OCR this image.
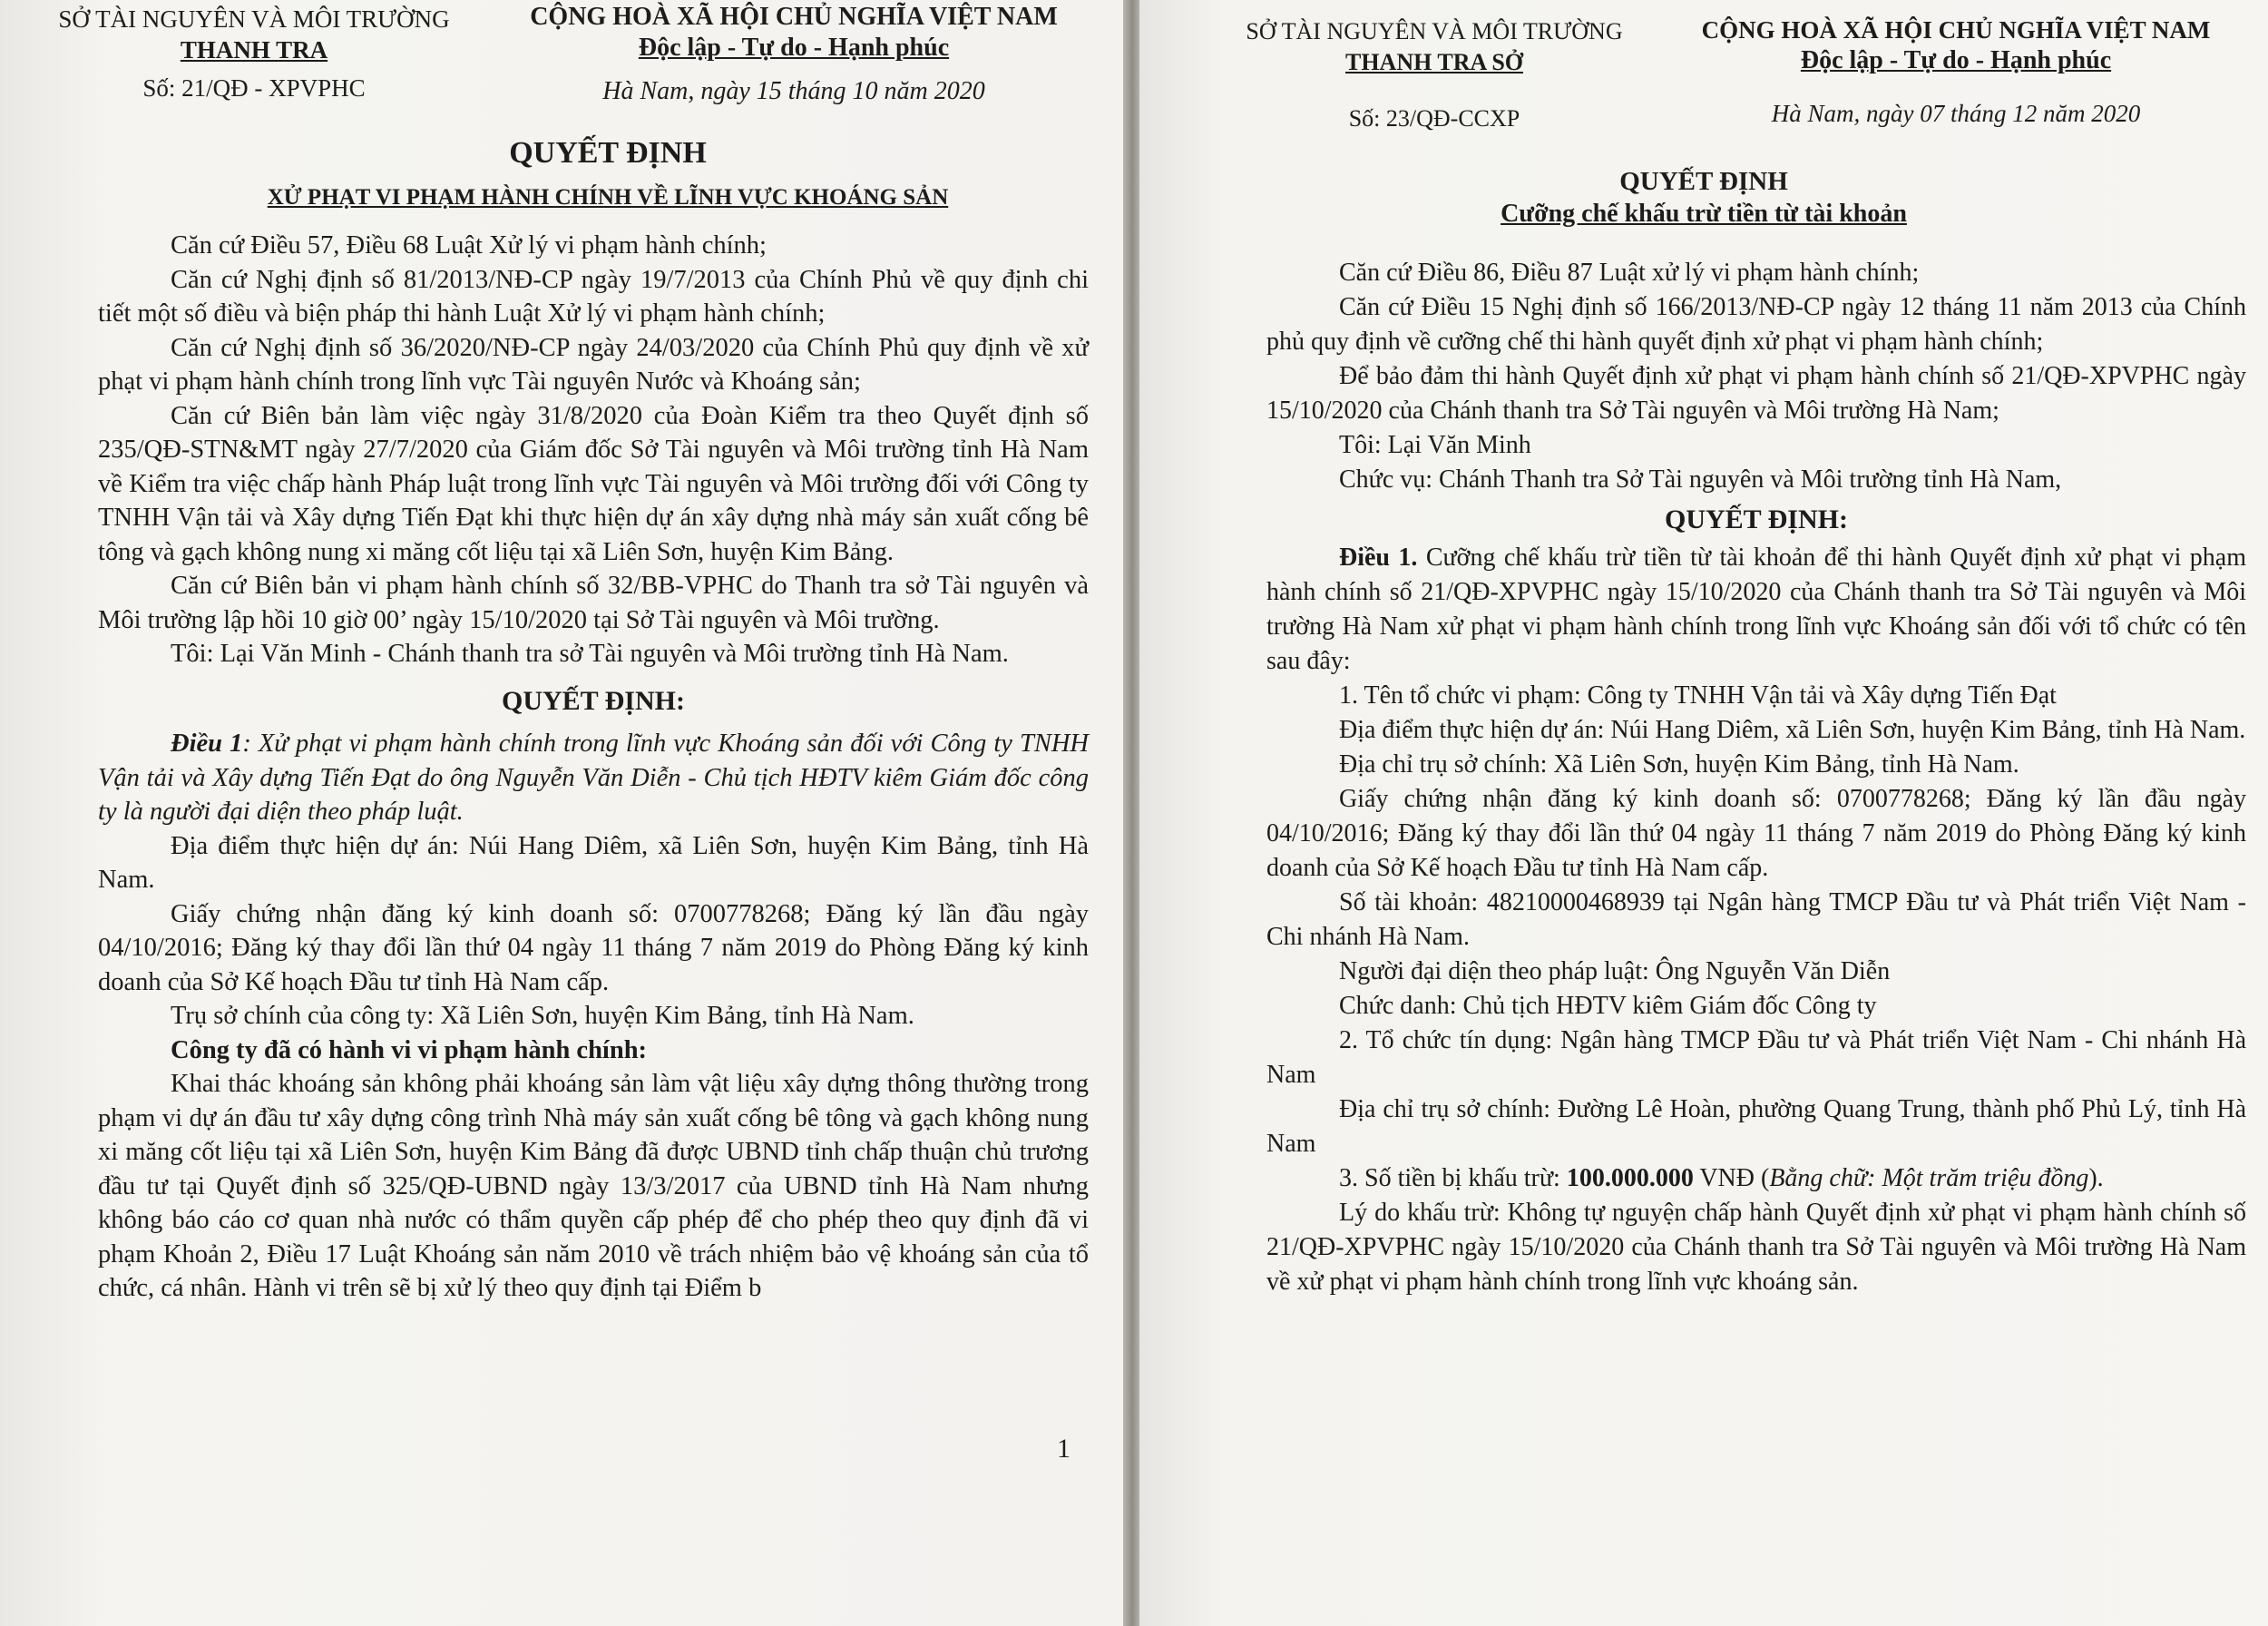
SỞ TÀI NGUYÊN VÀ MÔI TRƯỜNG
THANH TRA
Số: 21/QĐ - XPVPHC
CỘNG HOÀ XÃ HỘI CHỦ NGHĨA VIỆT NAM
Độc lập - Tự do - Hạnh phúc
Hà Nam, ngày 15 tháng 10 năm 2020
QUYẾT ĐỊNH
XỬ PHẠT VI PHẠM HÀNH CHÍNH VỀ LĨNH VỰC KHOÁNG SẢN

Căn cứ Điều 57, Điều 68 Luật Xử lý vi phạm hành chính;

Căn cứ Nghị định số 81/2013/NĐ-CP ngày 19/7/2013 của Chính Phủ về quy định chi tiết một số điều và biện pháp thi hành Luật Xử lý vi phạm hành chính;

Căn cứ Nghị định số 36/2020/NĐ-CP ngày 24/03/2020 của Chính Phủ quy định về xử phạt vi phạm hành chính trong lĩnh vực Tài nguyên Nước và Khoáng sản;

Căn cứ Biên bản làm việc ngày 31/8/2020 của Đoàn Kiểm tra theo Quyết định số 235/QĐ-STN&MT ngày 27/7/2020 của Giám đốc Sở Tài nguyên và Môi trường tỉnh Hà Nam về Kiểm tra việc chấp hành Pháp luật trong lĩnh vực Tài nguyên và Môi trường đối với Công ty TNHH Vận tải và Xây dựng Tiến Đạt khi thực hiện dự án xây dựng nhà máy sản xuất cống bê tông và gạch không nung xi măng cốt liệu tại xã Liên Sơn, huyện Kim Bảng.

Căn cứ Biên bản vi phạm hành chính số 32/BB-VPHC do Thanh tra sở Tài nguyên và Môi trường lập hồi 10 giờ 00’ ngày 15/10/2020 tại Sở Tài nguyên và Môi trường.

Tôi: Lại Văn Minh - Chánh thanh tra sở Tài nguyên và Môi trường tỉnh Hà Nam.

QUYẾT ĐỊNH:

Điều 1: Xử phạt vi phạm hành chính trong lĩnh vực Khoáng sản đối với Công ty TNHH Vận tải và Xây dựng Tiến Đạt do ông Nguyễn Văn Diễn - Chủ tịch HĐTV kiêm Giám đốc công ty là người đại diện theo pháp luật.

Địa điểm thực hiện dự án: Núi Hang Diêm, xã Liên Sơn, huyện Kim Bảng, tỉnh Hà Nam.

Giấy chứng nhận đăng ký kinh doanh số: 0700778268; Đăng ký lần đầu ngày 04/10/2016; Đăng ký thay đổi lần thứ 04 ngày 11 tháng 7 năm 2019 do Phòng Đăng ký kinh doanh của Sở Kế hoạch Đầu tư tỉnh Hà Nam cấp.

Trụ sở chính của công ty: Xã Liên Sơn, huyện Kim Bảng, tỉnh Hà Nam.

Công ty đã có hành vi vi phạm hành chính:

Khai thác khoáng sản không phải khoáng sản làm vật liệu xây dựng thông thường trong phạm vi dự án đầu tư xây dựng công trình Nhà máy sản xuất cống bê tông và gạch không nung xi măng cốt liệu tại xã Liên Sơn, huyện Kim Bảng đã được UBND tỉnh chấp thuận chủ trương đầu tư tại Quyết định số 325/QĐ-UBND ngày 13/3/2017 của UBND tỉnh Hà Nam nhưng không báo cáo cơ quan nhà nước có thẩm quyền cấp phép để cho phép theo quy định đã vi phạm Khoản 2, Điều 17 Luật Khoáng sản năm 2010 về trách nhiệm bảo vệ khoáng sản của tổ chức, cá nhân. Hành vi trên sẽ bị xử lý theo quy định tại Điểm b

1
SỞ TÀI NGUYÊN VÀ MÔI TRƯỜNG
THANH TRA SỞ
Số: 23/QĐ-CCXP
CỘNG HOÀ XÃ HỘI CHỦ NGHĨA VIỆT NAM
Độc lập - Tự do - Hạnh phúc
Hà Nam, ngày 07 tháng 12 năm 2020
QUYẾT ĐỊNH
Cưỡng chế khấu trừ tiền từ tài khoản

Căn cứ Điều 86, Điều 87 Luật xử lý vi phạm hành chính;

Căn cứ Điều 15 Nghị định số 166/2013/NĐ-CP ngày 12 tháng 11 năm 2013 của Chính phủ quy định về cưỡng chế thi hành quyết định xử phạt vi phạm hành chính;

Để bảo đảm thi hành Quyết định xử phạt vi phạm hành chính số 21/QĐ-XPVPHC ngày 15/10/2020 của Chánh thanh tra Sở Tài nguyên và Môi trường Hà Nam;

Tôi: Lại Văn Minh

Chức vụ: Chánh Thanh tra Sở Tài nguyên và Môi trường tỉnh Hà Nam,

QUYẾT ĐỊNH:

Điều 1. Cưỡng chế khấu trừ tiền từ tài khoản để thi hành Quyết định xử phạt vi phạm hành chính số 21/QĐ-XPVPHC ngày 15/10/2020 của Chánh thanh tra Sở Tài nguyên và Môi trường Hà Nam xử phạt vi phạm hành chính trong lĩnh vực Khoáng sản đối với tổ chức có tên sau đây:

1. Tên tổ chức vi phạm: Công ty TNHH Vận tải và Xây dựng Tiến Đạt

Địa điểm thực hiện dự án: Núi Hang Diêm, xã Liên Sơn, huyện Kim Bảng, tỉnh Hà Nam.

Địa chỉ trụ sở chính: Xã Liên Sơn, huyện Kim Bảng, tỉnh Hà Nam.

Giấy chứng nhận đăng ký kinh doanh số: 0700778268; Đăng ký lần đầu ngày 04/10/2016; Đăng ký thay đổi lần thứ 04 ngày 11 tháng 7 năm 2019 do Phòng Đăng ký kinh doanh của Sở Kế hoạch Đầu tư tỉnh Hà Nam cấp.

Số tài khoản: 48210000468939 tại Ngân hàng TMCP Đầu tư và Phát triển Việt Nam - Chi nhánh Hà Nam.

Người đại diện theo pháp luật: Ông Nguyễn Văn Diễn

Chức danh: Chủ tịch HĐTV kiêm Giám đốc Công ty

2. Tổ chức tín dụng: Ngân hàng TMCP Đầu tư và Phát triển Việt Nam - Chi nhánh Hà Nam

Địa chỉ trụ sở chính: Đường Lê Hoàn, phường Quang Trung, thành phố Phủ Lý, tỉnh Hà Nam

3. Số tiền bị khấu trừ: 100.000.000 VNĐ (Bằng chữ: Một trăm triệu đồng).

Lý do khấu trừ: Không tự nguyện chấp hành Quyết định xử phạt vi phạm hành chính số 21/QĐ-XPVPHC ngày 15/10/2020 của Chánh thanh tra Sở Tài nguyên và Môi trường Hà Nam về xử phạt vi phạm hành chính trong lĩnh vực khoáng sản.
